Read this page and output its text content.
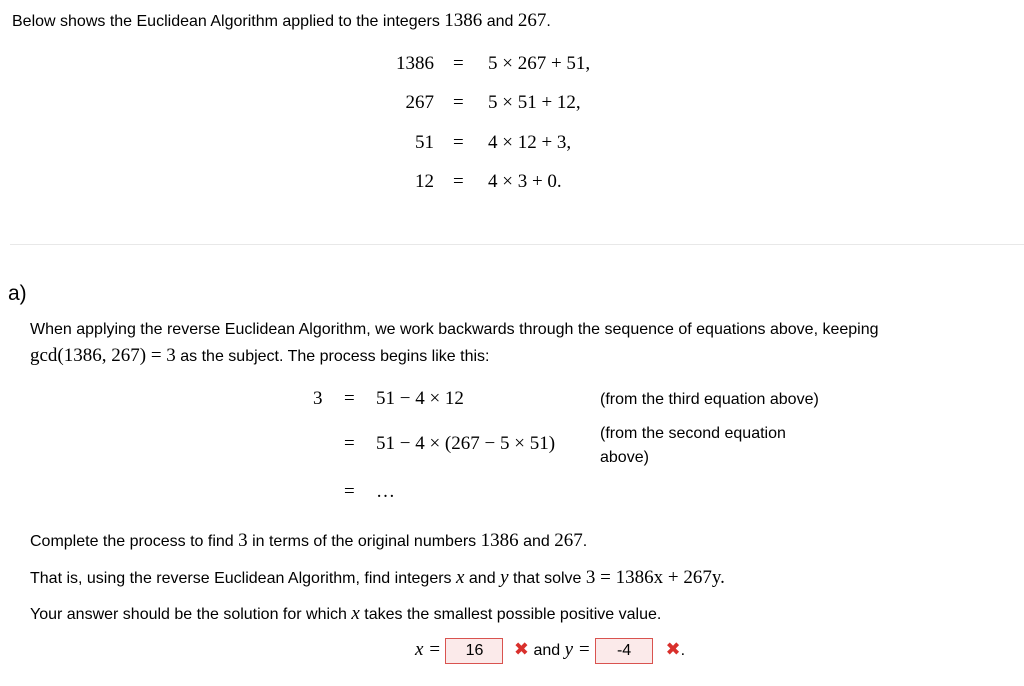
Below shows the Euclidean Algorithm applied to the integers 1386 and 267.
1386 = 5 × 267 + 51,
267 = 5 × 51 + 12,
51 = 4 × 12 + 3,
12 = 4 × 3 + 0.
a)
When applying the reverse Euclidean Algorithm, we work backwards through the sequence of equations above, keeping
gcd(1386, 267) = 3 as the subject. The process begins like this:
3 = 51 − 4 × 12	(from the third equation above)
= 51 − 4 × (267 − 5 × 51)	(from the second equation
above)
= …
Complete the process to find 3 in terms of the original numbers 1386 and 267.
That is, using the reverse Euclidean Algorithm, find integers x and y that solve 3 = 1386x + 267y.
Your answer should be the solution for which x takes the smallest possible positive value.
x = 16 ✖ and y = -4 ✖.
